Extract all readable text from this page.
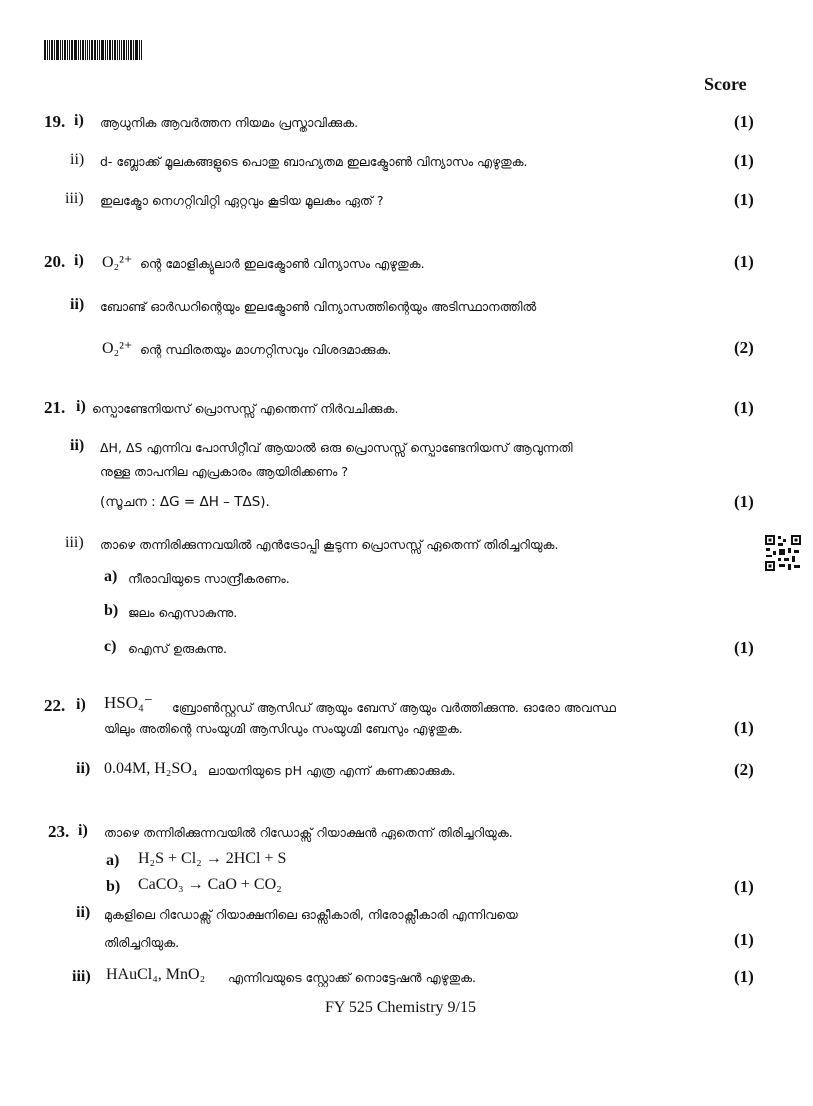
Score
19. i) ആധുനിക ആവർത്തന നിയമം പ്രസ്താവിക്കുക.	(1)
ii) d- ബ്ലോക്ക് മൂലകങ്ങളുടെ പൊതു ബാഹ്യതമ ഇലക്ട്രോൺ വിന്യാസം എഴുതുക.	(1)
iii) ഇലക്ട്രോ നെഗറ്റിവിറ്റി ഏറ്റവും കൂടിയ മൂലകം ഏത് ?	(1)
20. i) O₂²⁺ ന്റെ മോളിക്യുലാർ ഇലക്ട്രോൺ വിന്യാസം എഴുതുക.	(1)
ii) ബോണ്ട് ഓർഡറിന്റെയും ഇലക്ട്രോൺ വിന്യാസത്തിന്റെയും അടിസ്ഥാനത്തിൽ
O₂²⁺ ന്റെ സ്ഥിരതയും മാഗ്നറ്റിസവും വിശദമാക്കുക.	(2)
21. i) സ്പൊണ്ടേനിയസ് പ്രൊസസ്സ് എന്തെന്ന് നിർവചിക്കുക.	(1)
ii) ΔH, ΔS എന്നിവ പോസിറ്റീവ് ആയാൽ ഒരു പ്രൊസസ്സ് സ്പൊണ്ടേനിയസ് ആവുന്നതി
നുള്ള താപനില എപ്രകാരം ആയിരിക്കണം ?
(സൂചന : ΔG = ΔH – TΔS).	(1)
iii) താഴെ തന്നിരിക്കുന്നവയിൽ എൻട്രോപ്പി കൂടുന്ന പ്രൊസസ്സ് ഏതെന്ന് തിരിച്ചറിയുക.
a) നീരാവിയുടെ സാന്ദ്രീകരണം.
b) ജലം ഐസാകുന്നു.
c) ഐസ് ഉരുകുന്നു.	(1)
22. i) HSO₄⁻ ബ്രോൺസ്റ്റഡ് ആസിഡ് ആയും ബേസ് ആയും വർത്തിക്കുന്നു. ഓരോ അവസ്ഥ
യിലും അതിന്റെ സംയുഗ്മി ആസിഡും സംയുഗ്മി ബേസും എഴുതുക.	(1)
ii) 0.04M, H₂SO₄ ലായനിയുടെ pH എത്ര എന്ന് കണക്കാക്കുക.	(2)
23. i) താഴെ തന്നിരിക്കുന്നവയിൽ റിഡോക്സ് റിയാക്ഷൻ ഏതെന്ന് തിരിച്ചറിയുക.
a) H₂S + Cl₂ → 2HCl + S
b) CaCO₃ → CaO + CO₂	(1)
ii) മുകളിലെ റിഡോക്സ് റിയാക്ഷനിലെ ഓക്സീകാരി, നിരോക്സീകാരി എന്നിവയെ
തിരിച്ചറിയുക.	(1)
iii) HAuCl₄, MnO₂ എന്നിവയുടെ സ്റ്റോക്ക് നൊട്ടേഷൻ എഴുതുക.	(1)
FY 525 Chemistry 9/15
